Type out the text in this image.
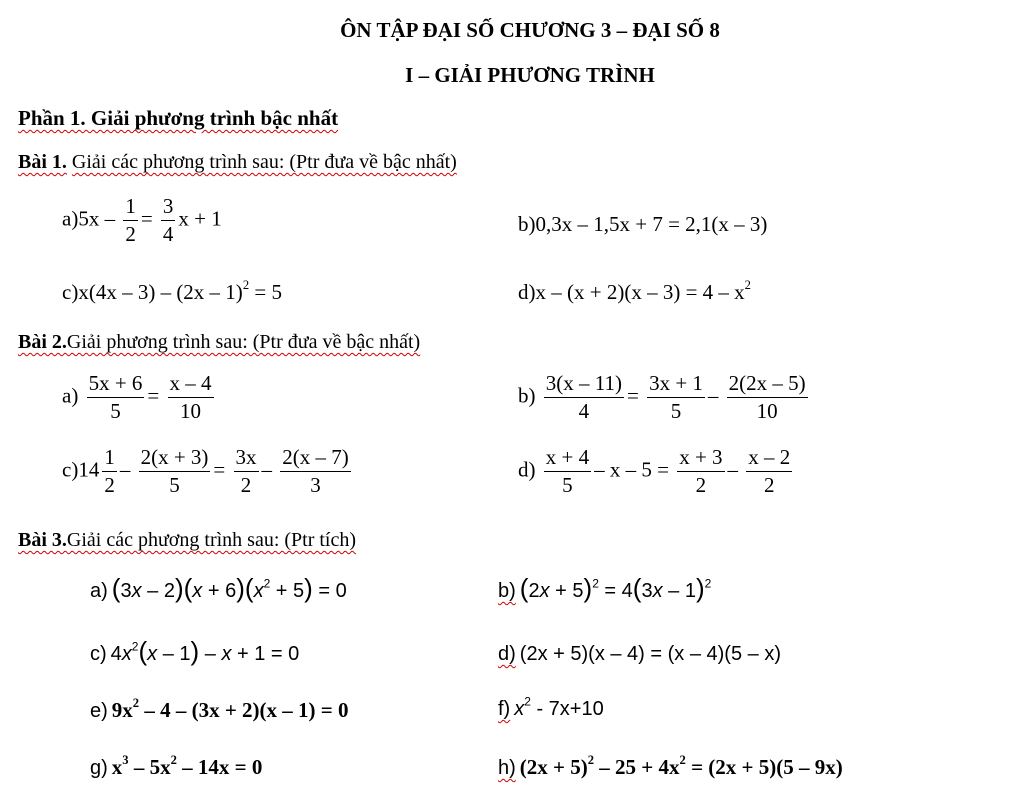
ÔN TẬP ĐẠI SỐ CHƯƠNG 3 – ĐẠI SỐ 8
I – GIẢI PHƯƠNG TRÌNH
Phần 1. Giải phương trình bậc nhất
Bài 1. Giải các phương trình sau: (Ptr đưa về bậc nhất)
$a)5x - \frac{1}{2} = \frac{3}{4}$ x + 1	b)0,3x – 1,5x + 7 = 2,1(x – 3)
c)x(4x – 3) – (2x – 1)$^2$ = 5	$d)x - (x + 2)(x - 3) = 4 - x^2$
Bài 2.Giải phương trình sau: (Ptr đưa về bậc nhất)
$a) \frac{5x + 6}{5} = \frac{x - 4}{10}$	$b) \frac{3(x - 11)}{4} = \frac{3x + 1}{5} - \frac{2(2x - 5)}{10}$
$c)14 \frac{1}{2} - \frac{2(x + 3)}{5} = \frac{3x}{2} - \frac{2(x - 7)}{3}$	$d) \frac{x + 4}{5} - x - 5 = \frac{x + 3}{2} - \frac{x - 2}{2}$
Bài 3.Giải các phương trình sau: (Ptr tích)
a) $(3x - 2)(x + 6)(x^2 + 5) = 0$	b) $(2x + 5)^2 = 4(3x - 1)^2$
c) $4x^2(x - 1) - x + 1 = 0$	d) (2x + 5)(x – 4) = (x – 4)(5 – x)
e) $9x^2 - 4 - (3x + 2)(x - 1) = 0$	f) $x^2 - 7x+10$
g) $x^3 - 5x^2 - 14x = 0$	h) $(2x + 5)^2 - 25 + 4x^2 = (2x + 5)(5 - 9x)$
